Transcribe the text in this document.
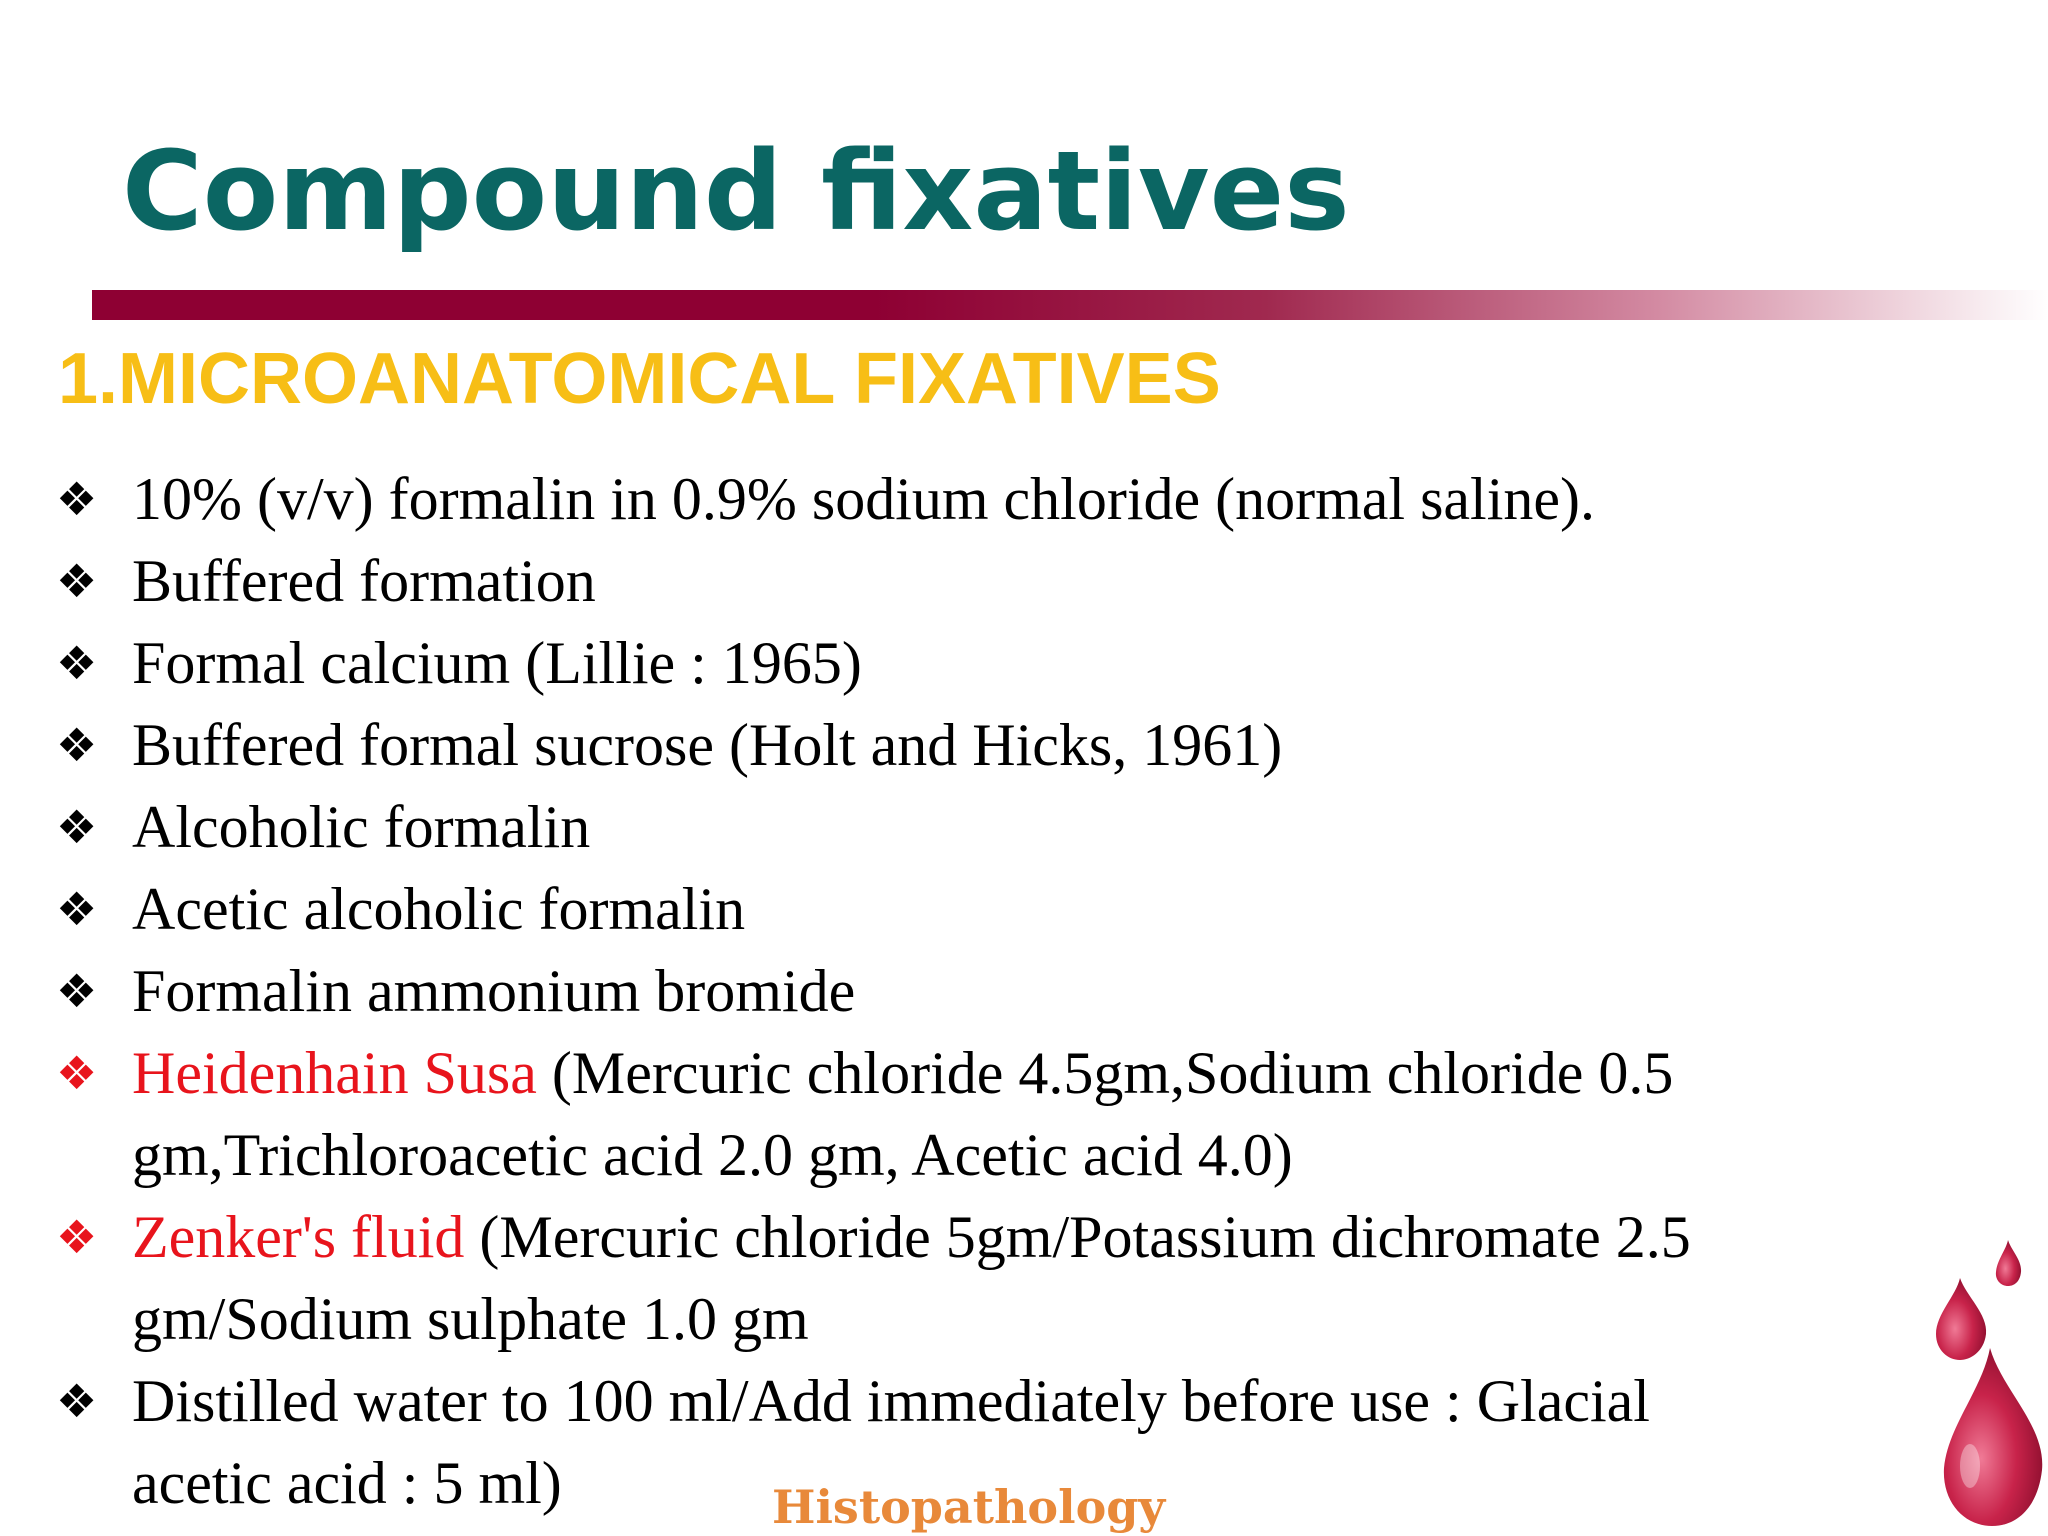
Compound fixatives
1.MICROANATOMICAL FIXATIVES
❖ 10% (v/v) formalin in 0.9% sodium chloride (normal saline).
❖ Buffered formation
❖ Formal calcium (Lillie : 1965)
❖ Buffered formal sucrose (Holt and Hicks, 1961)
❖ Alcoholic formalin
❖ Acetic alcoholic formalin
❖ Formalin ammonium bromide
❖ Heidenhain Susa (Mercuric chloride 4.5gm,Sodium chloride 0.5
gm,Trichloroacetic acid 2.0 gm, Acetic acid 4.0)
❖ Zenker's fluid (Mercuric chloride 5gm/Potassium dichromate 2.5
gm/Sodium sulphate 1.0 gm
❖ Distilled water to 100 ml/Add immediately before use : Glacial
acetic acid : 5 ml)	Histopathology
